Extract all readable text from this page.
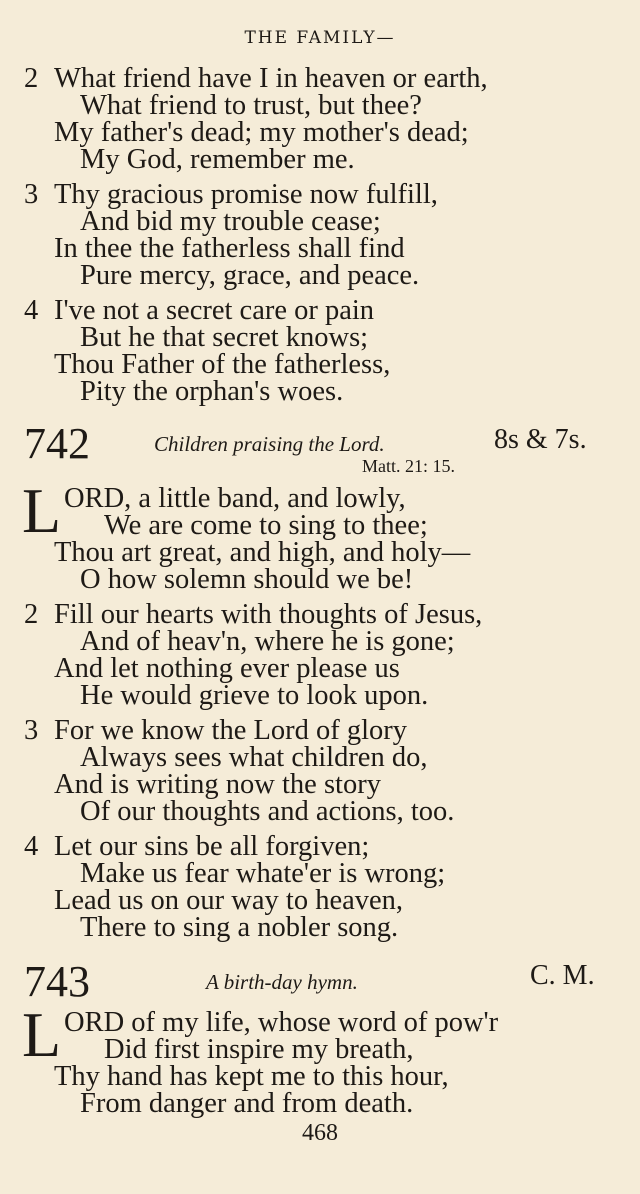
THE FAMILY—
2 What friend have I in heaven or earth,
What friend to trust, but thee?
My father's dead; my mother's dead;
My God, remember me.
3 Thy gracious promise now fulfill,
And bid my trouble cease;
In thee the fatherless shall find
Pure mercy, grace, and peace.
4 I've not a secret care or pain
But he that secret knows;
Thou Father of the fatherless,
Pity the orphan's woes.
742	Children praising the Lord.	8s & 7s.
Matt. 21: 15.
L ORD, a little band, and lowly,
We are come to sing to thee;
Thou art great, and high, and holy—
O how solemn should we be!
2 Fill our hearts with thoughts of Jesus,
And of heav'n, where he is gone;
And let nothing ever please us
He would grieve to look upon.
3 For we know the Lord of glory
Always sees what children do,
And is writing now the story
Of our thoughts and actions, too.
4 Let our sins be all forgiven;
Make us fear whate'er is wrong;
Lead us on our way to heaven,
There to sing a nobler song.
743	A birth-day hymn.	C. M.
L ORD of my life, whose word of pow'r
Did first inspire my breath,
Thy hand has kept me to this hour,
From danger and from death.
468
